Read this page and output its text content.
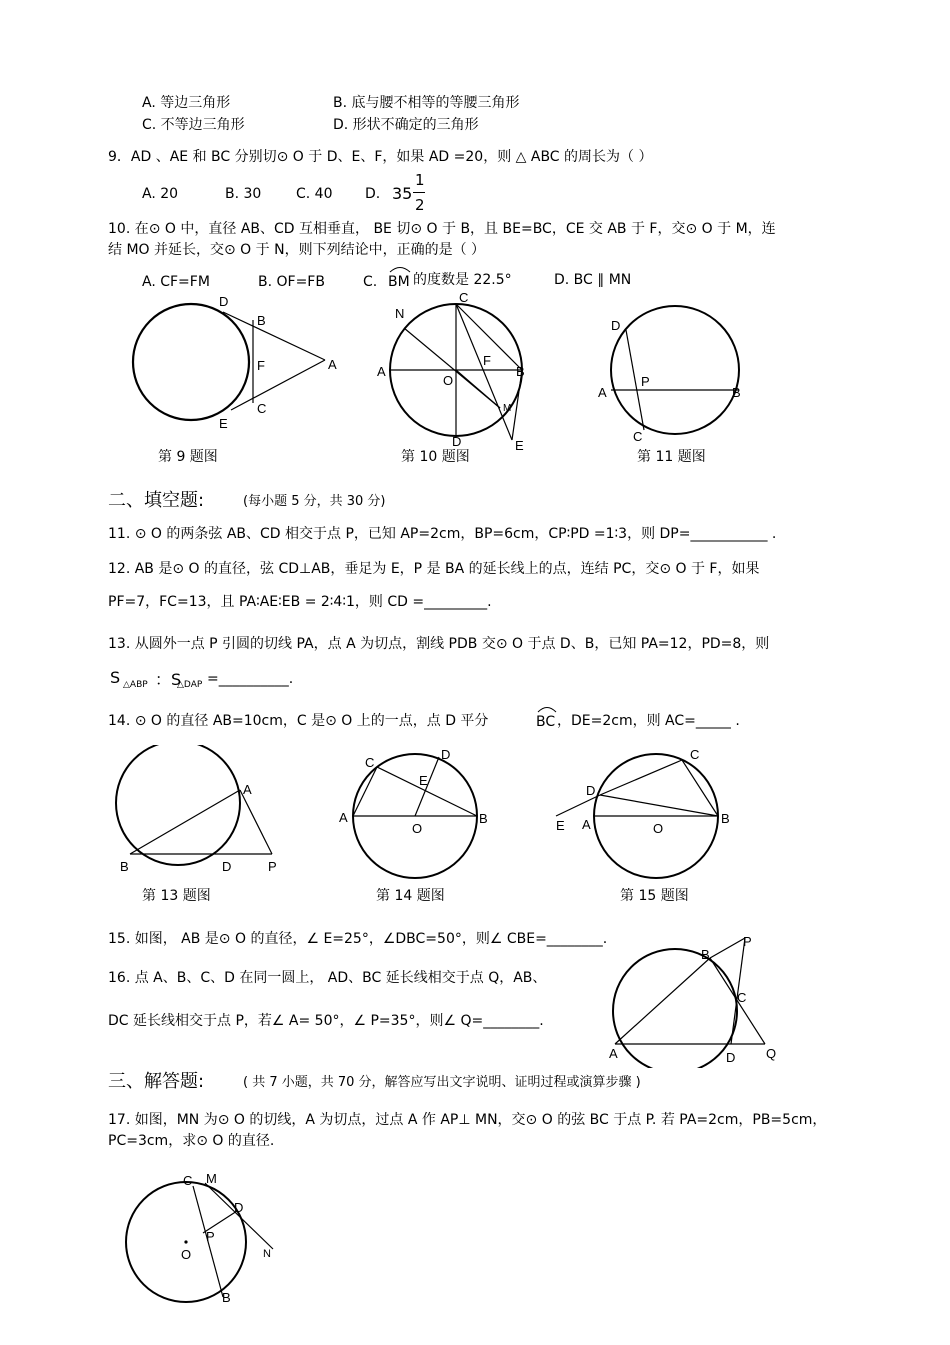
A. 等边三角形	B. 底与腰不相等的等腰三角形
C. 不等边三角形	D. 形状不确定的三角形
9．AD 、AE 和 BC 分别切⊙ O 于 D、E、F，如果 AD =20，则 △ ABC 的周长为（ ）
A. 20	B. 30 C. 40 D. 35
1
2
10. 在⊙ O 中，直径 AB、CD 互相垂直， BE 切⊙ O 于 B，且 BE=BC，CE 交 AB 于 F，交⊙ O 于 M，连
结 MO 并延长，交⊙ O 于 N，则下列结论中，正确的是（ ）
A. CF=FM	B. OF=FB	C. BM 的度数是 22.5°	D. BC ∥ MN
D
B
F	A
C
E
第 9 题图
C
N
F
A
O
B
M
D	E
第 10 题图
D
A
P
B
C
第 11 题图
二、填空题:	(每小题 5 分，共 30 分)
11. ⊙ O 的两条弦 AB、CD 相交于点 P，已知 AP=2cm，BP=6cm，CP∶PD =1∶3，则 DP=___________ .
12. AB 是⊙ O 的直径，弦 CD⊥AB，垂足为 E，P 是 BA 的延长线上的点，连结 PC，交⊙ O 于 F，如果
PF=7，FC=13，且 PA∶AE∶EB = 2∶4∶1，则 CD =_________.
13. 从圆外一点 P 引圆的切线 PA，点 A 为切点，割线 PDB 交⊙ O 于点 D、B，已知 PA=12，PD=8，则
S △ABP ：S
△DAP =__________.
14. ⊙ O 的直径 AB=10cm，C 是⊙ O 上的一点，点 D 平分	BC ，DE=2cm，则 AC=_____ .
A
B	D	P
第 13 题图
C
D
E
A
O
B
第 14 题图
C
D
E A	O
B
第 15 题图
15. 如图， AB 是⊙ O 的直径，∠ E=25°，∠DBC=50°，则∠ CBE=________.
16. 点 A、B、C、D 在同一圆上， AD、BC 延长线相交于点 Q，AB、
DC 延长线相交于点 P，若∠ A= 50°，∠ P=35°，则∠ Q=________.
P
B
C
A	D Q
三、解答题:	( 共 7 小题，共 70 分，解答应写出文字说明、证明过程或演算步骤 )
17. 如图，MN 为⊙ O 的切线，A 为切点，过点 A 作 AP⊥ MN，交⊙ O 的弦 BC 于点 P. 若 PA=2cm，PB=5cm，
PC=3cm，求⊙ O 的直径.
C M
D
P
O	N
B
